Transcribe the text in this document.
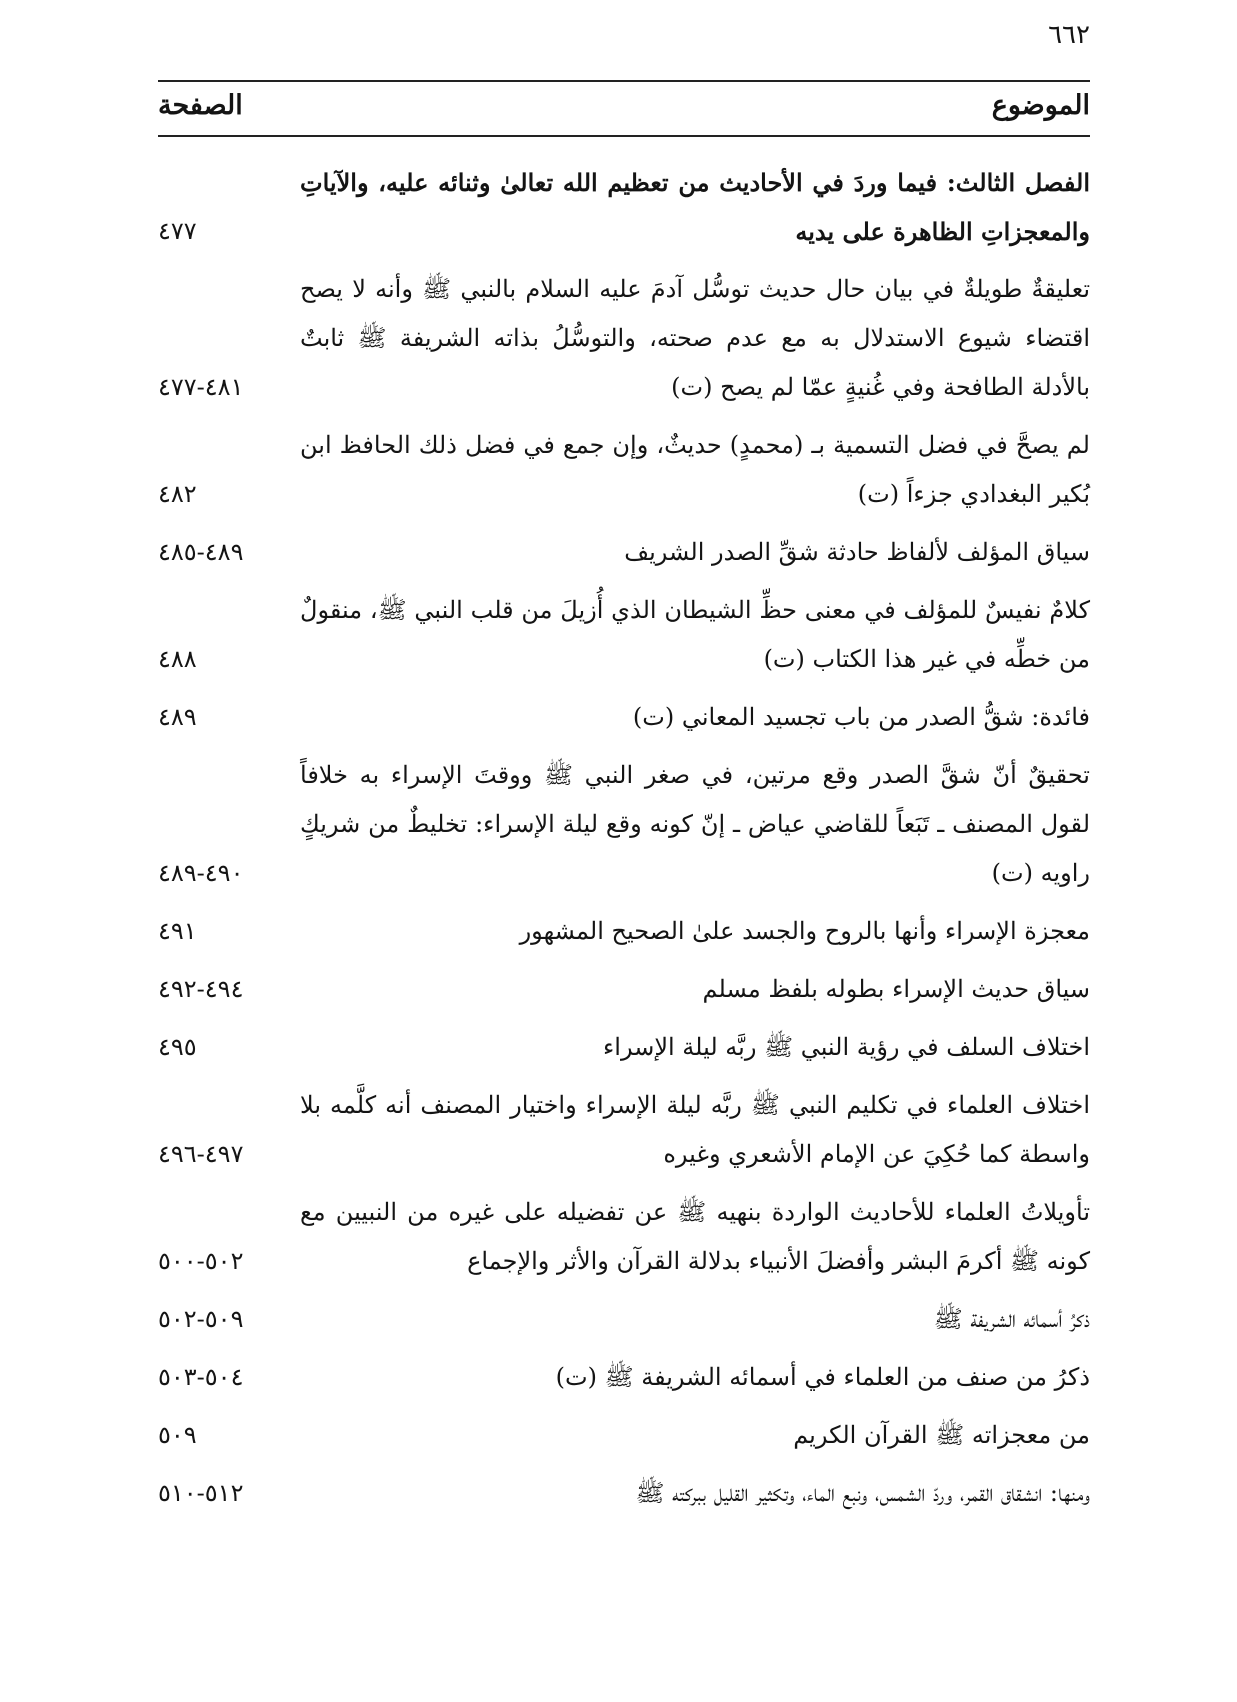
٦٦٢
الموضوع
الصفحة
الفصل الثالث: فيما وردَ في الأحاديث من تعظيم الله تعالىٰ وثنائه عليه، والآياتِ والمعجزاتِ الظاهرة على يديه
٤٧٧
تعليقةٌ طويلةٌ في بيان حال حديث توسُّل آدمَ عليه السلام بالنبي ﷺ وأنه لا يصح اقتضاء شيوع الاستدلال به مع عدم صحته، والتوسُّلُ بذاته الشريفة ﷺ ثابتٌ بالأدلة الطافحة وفي غُنيةٍ عمّا لم يصح (ت)
٤٨١-٤٧٧
لم يصحَّ في فضل التسمية بـ (محمدٍ) حديثٌ، وإن جمع في فضل ذلك الحافظ ابن بُكير البغدادي جزءاً (ت)
٤٨٢
سياق المؤلف لألفاظ حادثة شقِّ الصدر الشريف
٤٨٩-٤٨٥
كلامٌ نفيسٌ للمؤلف في معنى حظِّ الشيطان الذي أُزيلَ من قلب النبي ﷺ، منقولٌ من خطِّه في غير هذا الكتاب (ت)
٤٨٨
فائدة: شقُّ الصدر من باب تجسيد المعاني (ت)
٤٨٩
تحقيقٌ أنّ شقَّ الصدر وقع مرتين، في صغر النبي ﷺ ووقتَ الإسراء به خلافاً لقول المصنف ـ تَبَعاً للقاضي عياض ـ إنّ كونه وقع ليلة الإسراء: تخليطٌ من شريكٍ راويه (ت)
٤٩٠-٤٨٩
معجزة الإسراء وأنها بالروح والجسد علىٰ الصحيح المشهور
٤٩١
سياق حديث الإسراء بطوله بلفظ مسلم
٤٩٤-٤٩٢
اختلاف السلف في رؤية النبي ﷺ ربَّه ليلة الإسراء
٤٩٥
اختلاف العلماء في تكليم النبي ﷺ ربَّه ليلة الإسراء واختيار المصنف أنه كلَّمه بلا واسطة كما حُكِيَ عن الإمام الأشعري وغيره
٤٩٧-٤٩٦
تأويلاتُ العلماء للأحاديث الواردة بنهيه ﷺ عن تفضيله على غيره من النبيين مع كونه ﷺ أكرمَ البشر وأفضلَ الأنبياء بدلالة القرآن والأثر والإجماع
٥٠٢-٥٠٠
ذكرُ أسمائه الشريفة ﷺ
٥٠٩-٥٠٢
ذكرُ من صنف من العلماء في أسمائه الشريفة ﷺ (ت)
٥٠٤-٥٠٣
من معجزاته ﷺ القرآن الكريم
٥٠٩
ومنها: انشقاق القمر، وردّ الشمس، ونبع الماء، وتكثير القليل ببركته ﷺ
٥١٢-٥١٠
